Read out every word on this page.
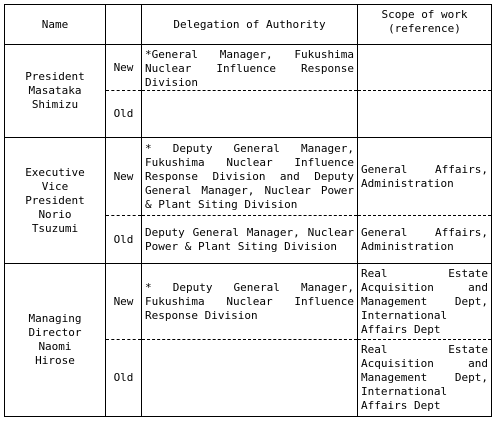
Name		Delegation of Authority	Scope of work
(reference)

President
Masataka
Shimizu	New	*General Manager, Fukushima Nuclear Influence Response Division	
	Old		

Executive
Vice
President
Norio
Tsuzumi	New	* Deputy General Manager, Fukushima Nuclear Influence Response Division and Deputy General Manager, Nuclear Power & Plant Siting Division	General Affairs, Administration
	Old	Deputy General Manager, Nuclear Power & Plant Siting Division	General Affairs, Administration

Managing
Director
Naomi
Hirose	New	* Deputy General Manager, Fukushima Nuclear Influence Response Division	Real Estate Acquisition and Management Dept, International Affairs Dept
	Old		Real Estate Acquisition and Management Dept, International Affairs Dept
